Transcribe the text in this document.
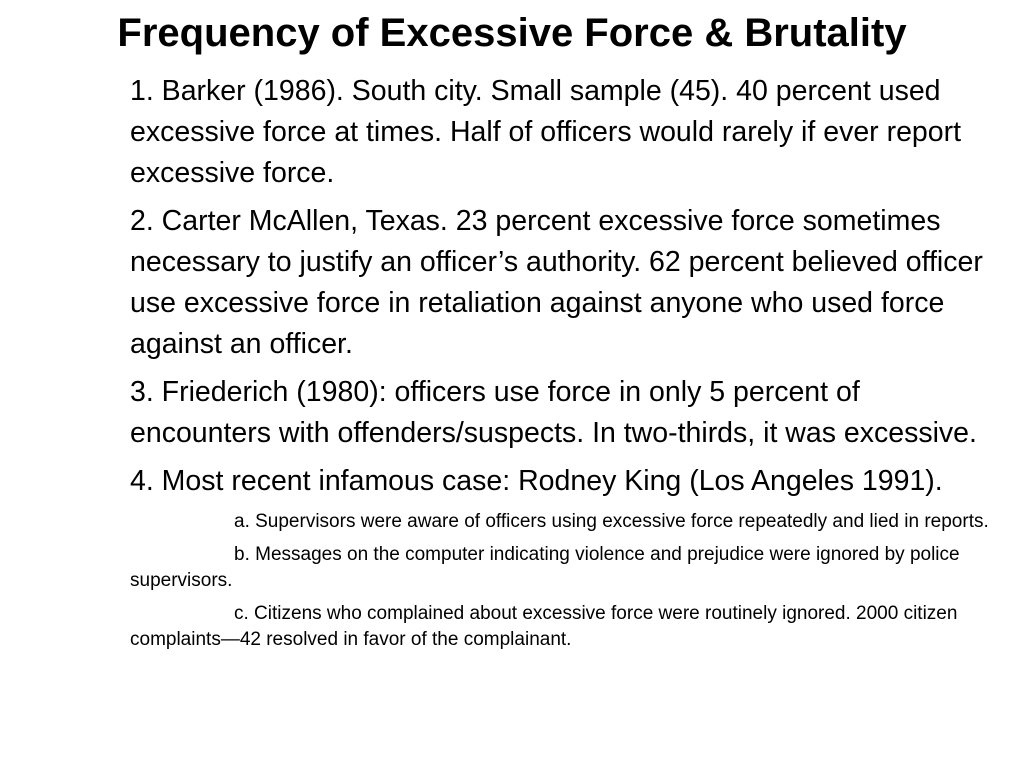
Frequency of Excessive Force & Brutality

1. Barker (1986). South city. Small sample (45). 40 percent used excessive force at times. Half of officers would rarely if ever report excessive force.

2. Carter McAllen, Texas. 23 percent excessive force sometimes necessary to justify an officer’s authority. 62 percent believed officer use excessive force in retaliation against anyone who used force against an officer.

3. Friederich (1980): officers use force in only 5 percent of encounters with offenders/suspects. In two-thirds, it was excessive.

4. Most recent infamous case: Rodney King (Los Angeles 1991).

a. Supervisors were aware of officers using excessive force repeatedly and lied in reports.

b. Messages on the computer indicating violence and prejudice were ignored by police supervisors.

c. Citizens who complained about excessive force were routinely ignored. 2000 citizen complaints—42 resolved in favor of the complainant.
